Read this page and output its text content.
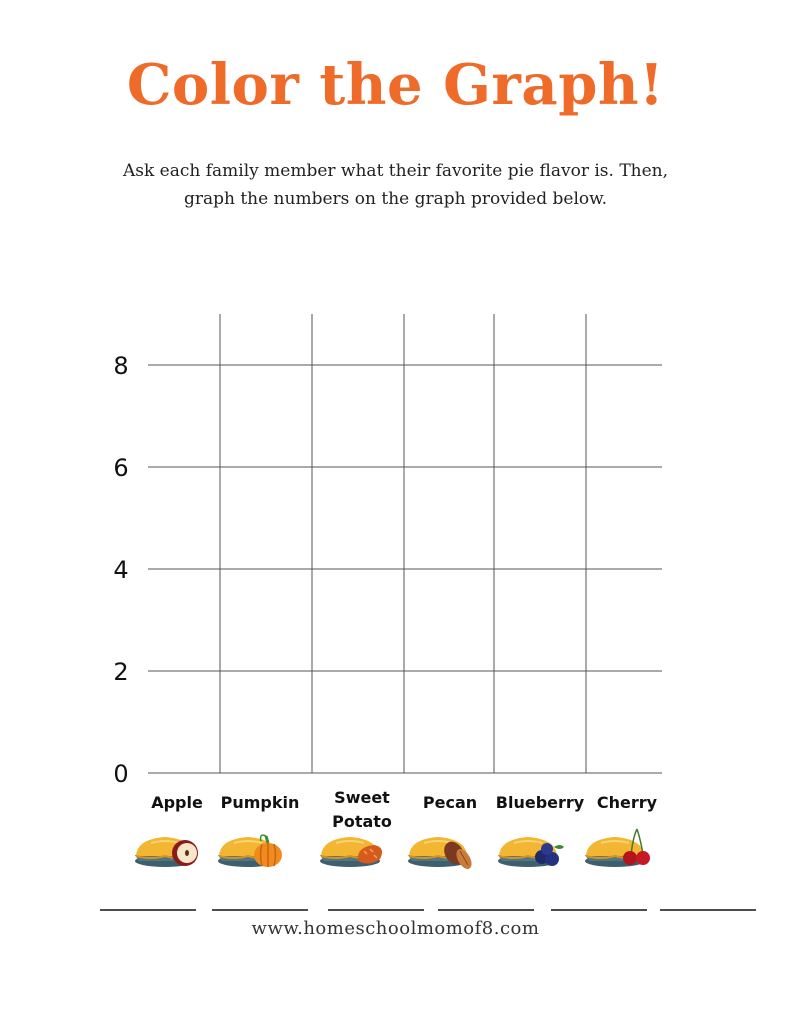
Color the Graph!
Ask each family member what their favorite pie flavor is. Then,
graph the numbers on the graph provided below.
0
2
4
6
8
Apple Pumpkin Sweet
Potato
Pecan Blueberry Cherry
www.homeschoolmomof8.com
